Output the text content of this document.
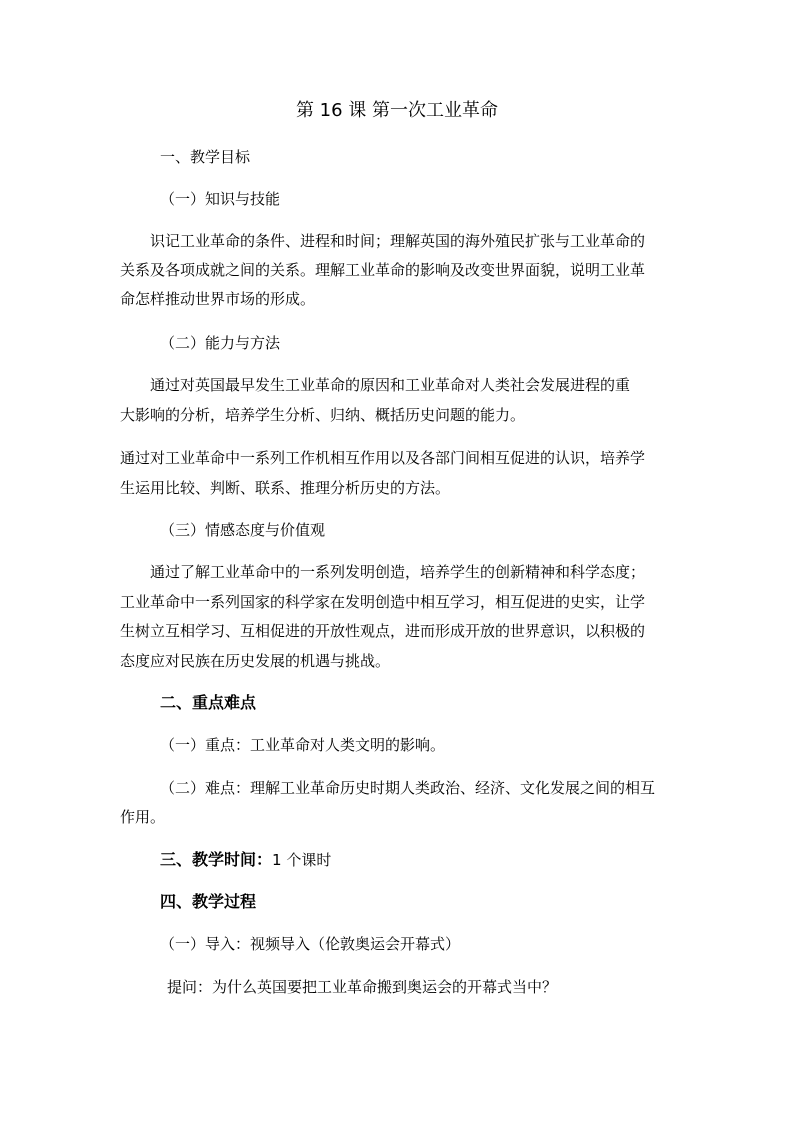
第 16 课 第一次工业革命
一、教学目标
（一）知识与技能
识记工业革命的条件、进程和时间；理解英国的海外殖民扩张与工业革命的
关系及各项成就之间的关系。理解工业革命的影响及改变世界面貌，说明工业革
命怎样推动世界市场的形成。
（二）能力与方法
通过对英国最早发生工业革命的原因和工业革命对人类社会发展进程的重
大影响的分析，培养学生分析、归纳、概括历史问题的能力。
通过对工业革命中一系列工作机相互作用以及各部门间相互促进的认识，培养学
生运用比较、判断、联系、推理分析历史的方法。
（三）情感态度与价值观
通过了解工业革命中的一系列发明创造，培养学生的创新精神和科学态度；
工业革命中一系列国家的科学家在发明创造中相互学习，相互促进的史实，让学
生树立互相学习、互相促进的开放性观点，进而形成开放的世界意识，以积极的
态度应对民族在历史发展的机遇与挑战。
二、重点难点
（一）重点：工业革命对人类文明的影响。
（二）难点：理解工业革命历史时期人类政治、经济、文化发展之间的相互
作用。
三、教学时间：1 个课时
四、教学过程
（一）导入：视频导入（伦敦奥运会开幕式）
提问：为什么英国要把工业革命搬到奥运会的开幕式当中？
